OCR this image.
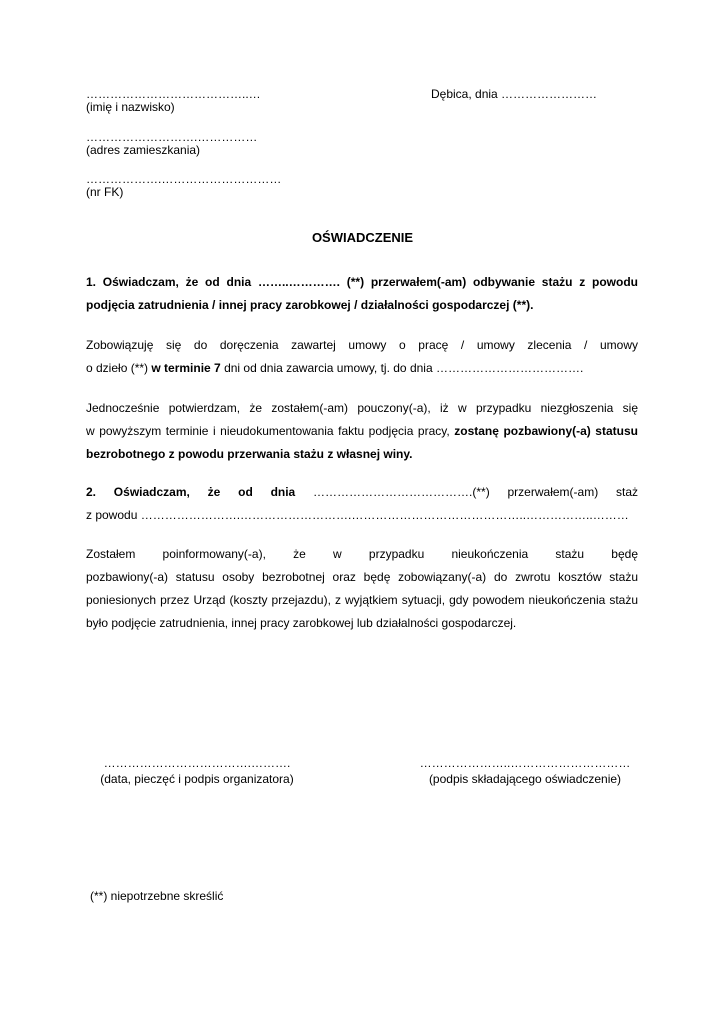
…………………………………..…
(imię i nazwisko)
……………………….……………
(adres zamieszkania)
……………….…………………………
(nr FK)
Dębica, dnia ……………………
OŚWIADCZENIE
1. Oświadczam, że od dnia ……..…………. (**) przerwałem(-am) odbywanie stażu z powodu
podjęcia zatrudnienia / innej pracy zarobkowej / działalności gospodarczej (**).
Zobowiązuję się do doręczenia zawartej umowy o pracę / umowy zlecenia / umowy
o dzieło (**) w terminie 7 dni od dnia zawarcia umowy, tj. do dnia ……………………………….
Jednocześnie potwierdzam, że zostałem(-am) pouczony(-a), iż w przypadku niezgłoszenia się
w powyższym terminie i nieudokumentowania faktu podjęcia pracy, zostanę pozbawiony(-a) statusu
bezrobotnego z powodu przerwania stażu z własnej winy.
2. Oświadczam, że od dnia ………………………………….(**) przerwałem(-am) staż
z powodu …………………….……………………….……………………………………..……………..………
Zostałem poinformowany(-a), że w przypadku nieukończenia stażu będę
pozbawiony(-a) statusu osoby bezrobotnej oraz będę zobowiązany(-a) do zwrotu kosztów stażu
poniesionych przez Urząd (koszty przejazdu), z wyjątkiem sytuacji, gdy powodem nieukończenia stażu
było podjęcie zatrudnienia, innej pracy zarobkowej lub działalności gospodarczej.
……………………………….……….
(data, pieczęć i podpis organizatora)
…………………..…………………………
(podpis składającego oświadczenie)
(**) niepotrzebne skreślić
